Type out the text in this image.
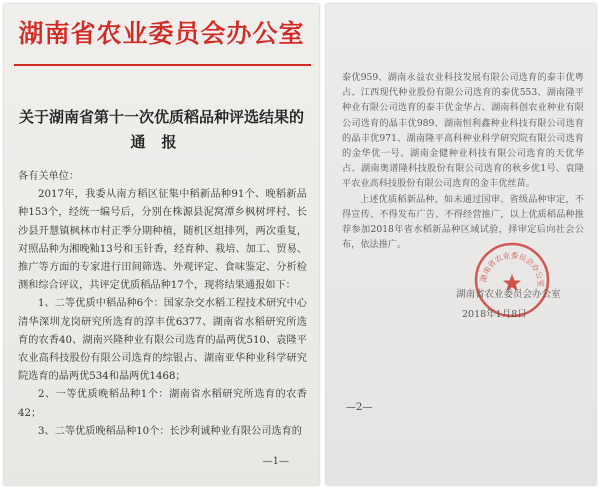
湖南省农业委员会办公室
关于湖南省第十一次优质稻品种评选结果的
通报

各有关单位：

2017年，我委从南方稻区征集中稻新品种91个、晚稻新品种153个，经统一编号后，分别在株源县泥窝潭乡枫树坪村、长沙县开慧镇枫林市村正季分期种植，随机区组排列，两次重复，对照品种为湘晚籼13号和玉针香，经育种、栽培、加工、贸易、推广等方面的专家进行田间筛选、外观评定、食味鉴定、分析检测和综合评议，共评定优质稻品种17个，现将结果通报如下：

1、二等优质中稻品种6个：国家杂交水稻工程技术研究中心清华深圳龙岗研究所选育的淳丰优6377、湖南省水稻研究所选育的农香40、湖南兴隆种业有限公司选育的晶两优510、袁隆平农业高科技股份有限公司选育的综银占、湖南亚华种业科学研究院选育的晶两优534和晶两优1468；

2、一等优质晚稻品种1个：湖南省水稻研究所选育的农香42；

3、二等优质晚稻品种10个：长沙利诚种业有限公司选育的

—1—

泰优959、湖南永益农业科技发展有限公司选育的泰丰优粤占、江西现代种业股份有限公司选育的泰优553、湖南隆平种业有限公司选育的泰丰优金华占、湖南科创农业种业有限公司选育的晶丰优989、湖南恒利鑫种业科技有限公司选育的晶丰优971、湖南隆平高科种业科学研究院有限公司选育的金华优一号、湖南金健种业科技有限公司选育的天优华占、湖南奥谱隆科技股份有限公司选育的秋乡优1号、袁隆平农业高科技股份有限公司选育的金丰优丝苗。

上述优质稻新品种，如未通过国审、省级品种审定，不得宣传、不得发布广告、不得经营推广，以上优质稻品种推荐参加2018年省水稻新品种区域试验，择审定后向社会公布，依法推广。

湖南省农业委员会办公室
湖南省农业委员会办公室
2018年1月8日
—2—
